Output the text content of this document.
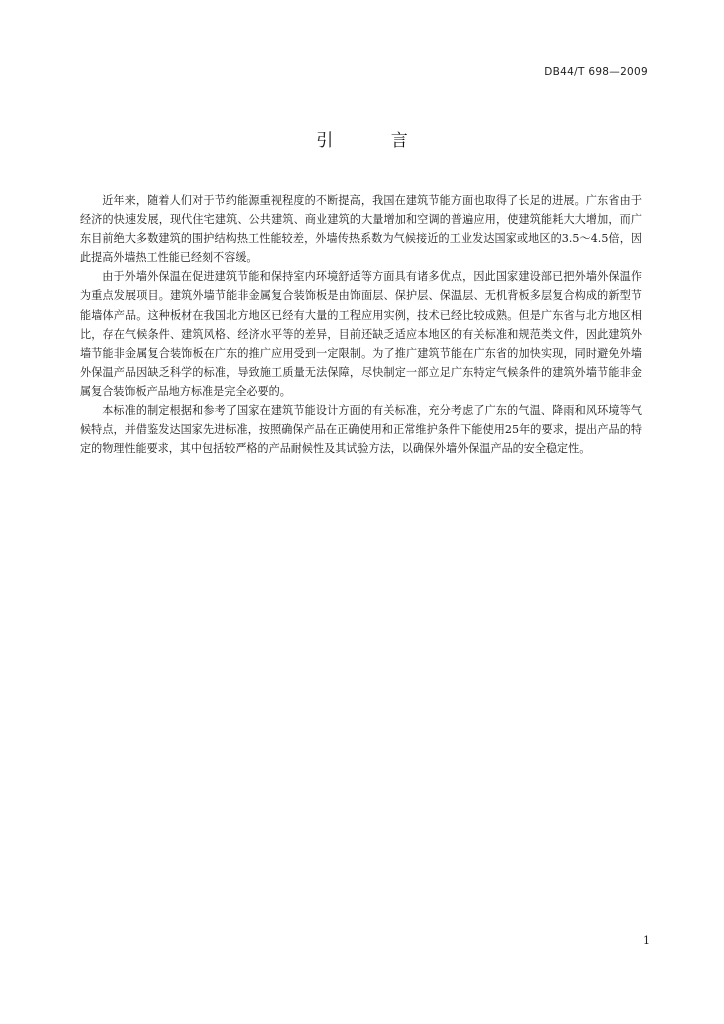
DB44/T 698—2009
引 言

近年来，随着人们对于节约能源重视程度的不断提高，我国在建筑节能方面也取得了长足的进展。广东省由于经济的快速发展，现代住宅建筑、公共建筑、商业建筑的大量增加和空调的普遍应用，使建筑能耗大大增加，而广东目前绝大多数建筑的围护结构热工性能较差，外墙传热系数为气候接近的工业发达国家或地区的3.5～4.5倍，因此提高外墙热工性能已经刻不容缓。

由于外墙外保温在促进建筑节能和保持室内环境舒适等方面具有诸多优点，因此国家建设部已把外墙外保温作为重点发展项目。建筑外墙节能非金属复合装饰板是由饰面层、保护层、保温层、无机背板多层复合构成的新型节能墙体产品。这种板材在我国北方地区已经有大量的工程应用实例，技术已经比较成熟。但是广东省与北方地区相比，存在气候条件、建筑风格、经济水平等的差异，目前还缺乏适应本地区的有关标准和规范类文件，因此建筑外墙节能非金属复合装饰板在广东的推广应用受到一定限制。为了推广建筑节能在广东省的加快实现，同时避免外墙外保温产品因缺乏科学的标准，导致施工质量无法保障，尽快制定一部立足广东特定气候条件的建筑外墙节能非金属复合装饰板产品地方标准是完全必要的。

本标准的制定根据和参考了国家在建筑节能设计方面的有关标准，充分考虑了广东的气温、降雨和风环境等气候特点，并借鉴发达国家先进标准，按照确保产品在正确使用和正常维护条件下能使用25年的要求，提出产品的特定的物理性能要求，其中包括较严格的产品耐候性及其试验方法，以确保外墙外保温产品的安全稳定性。

1
